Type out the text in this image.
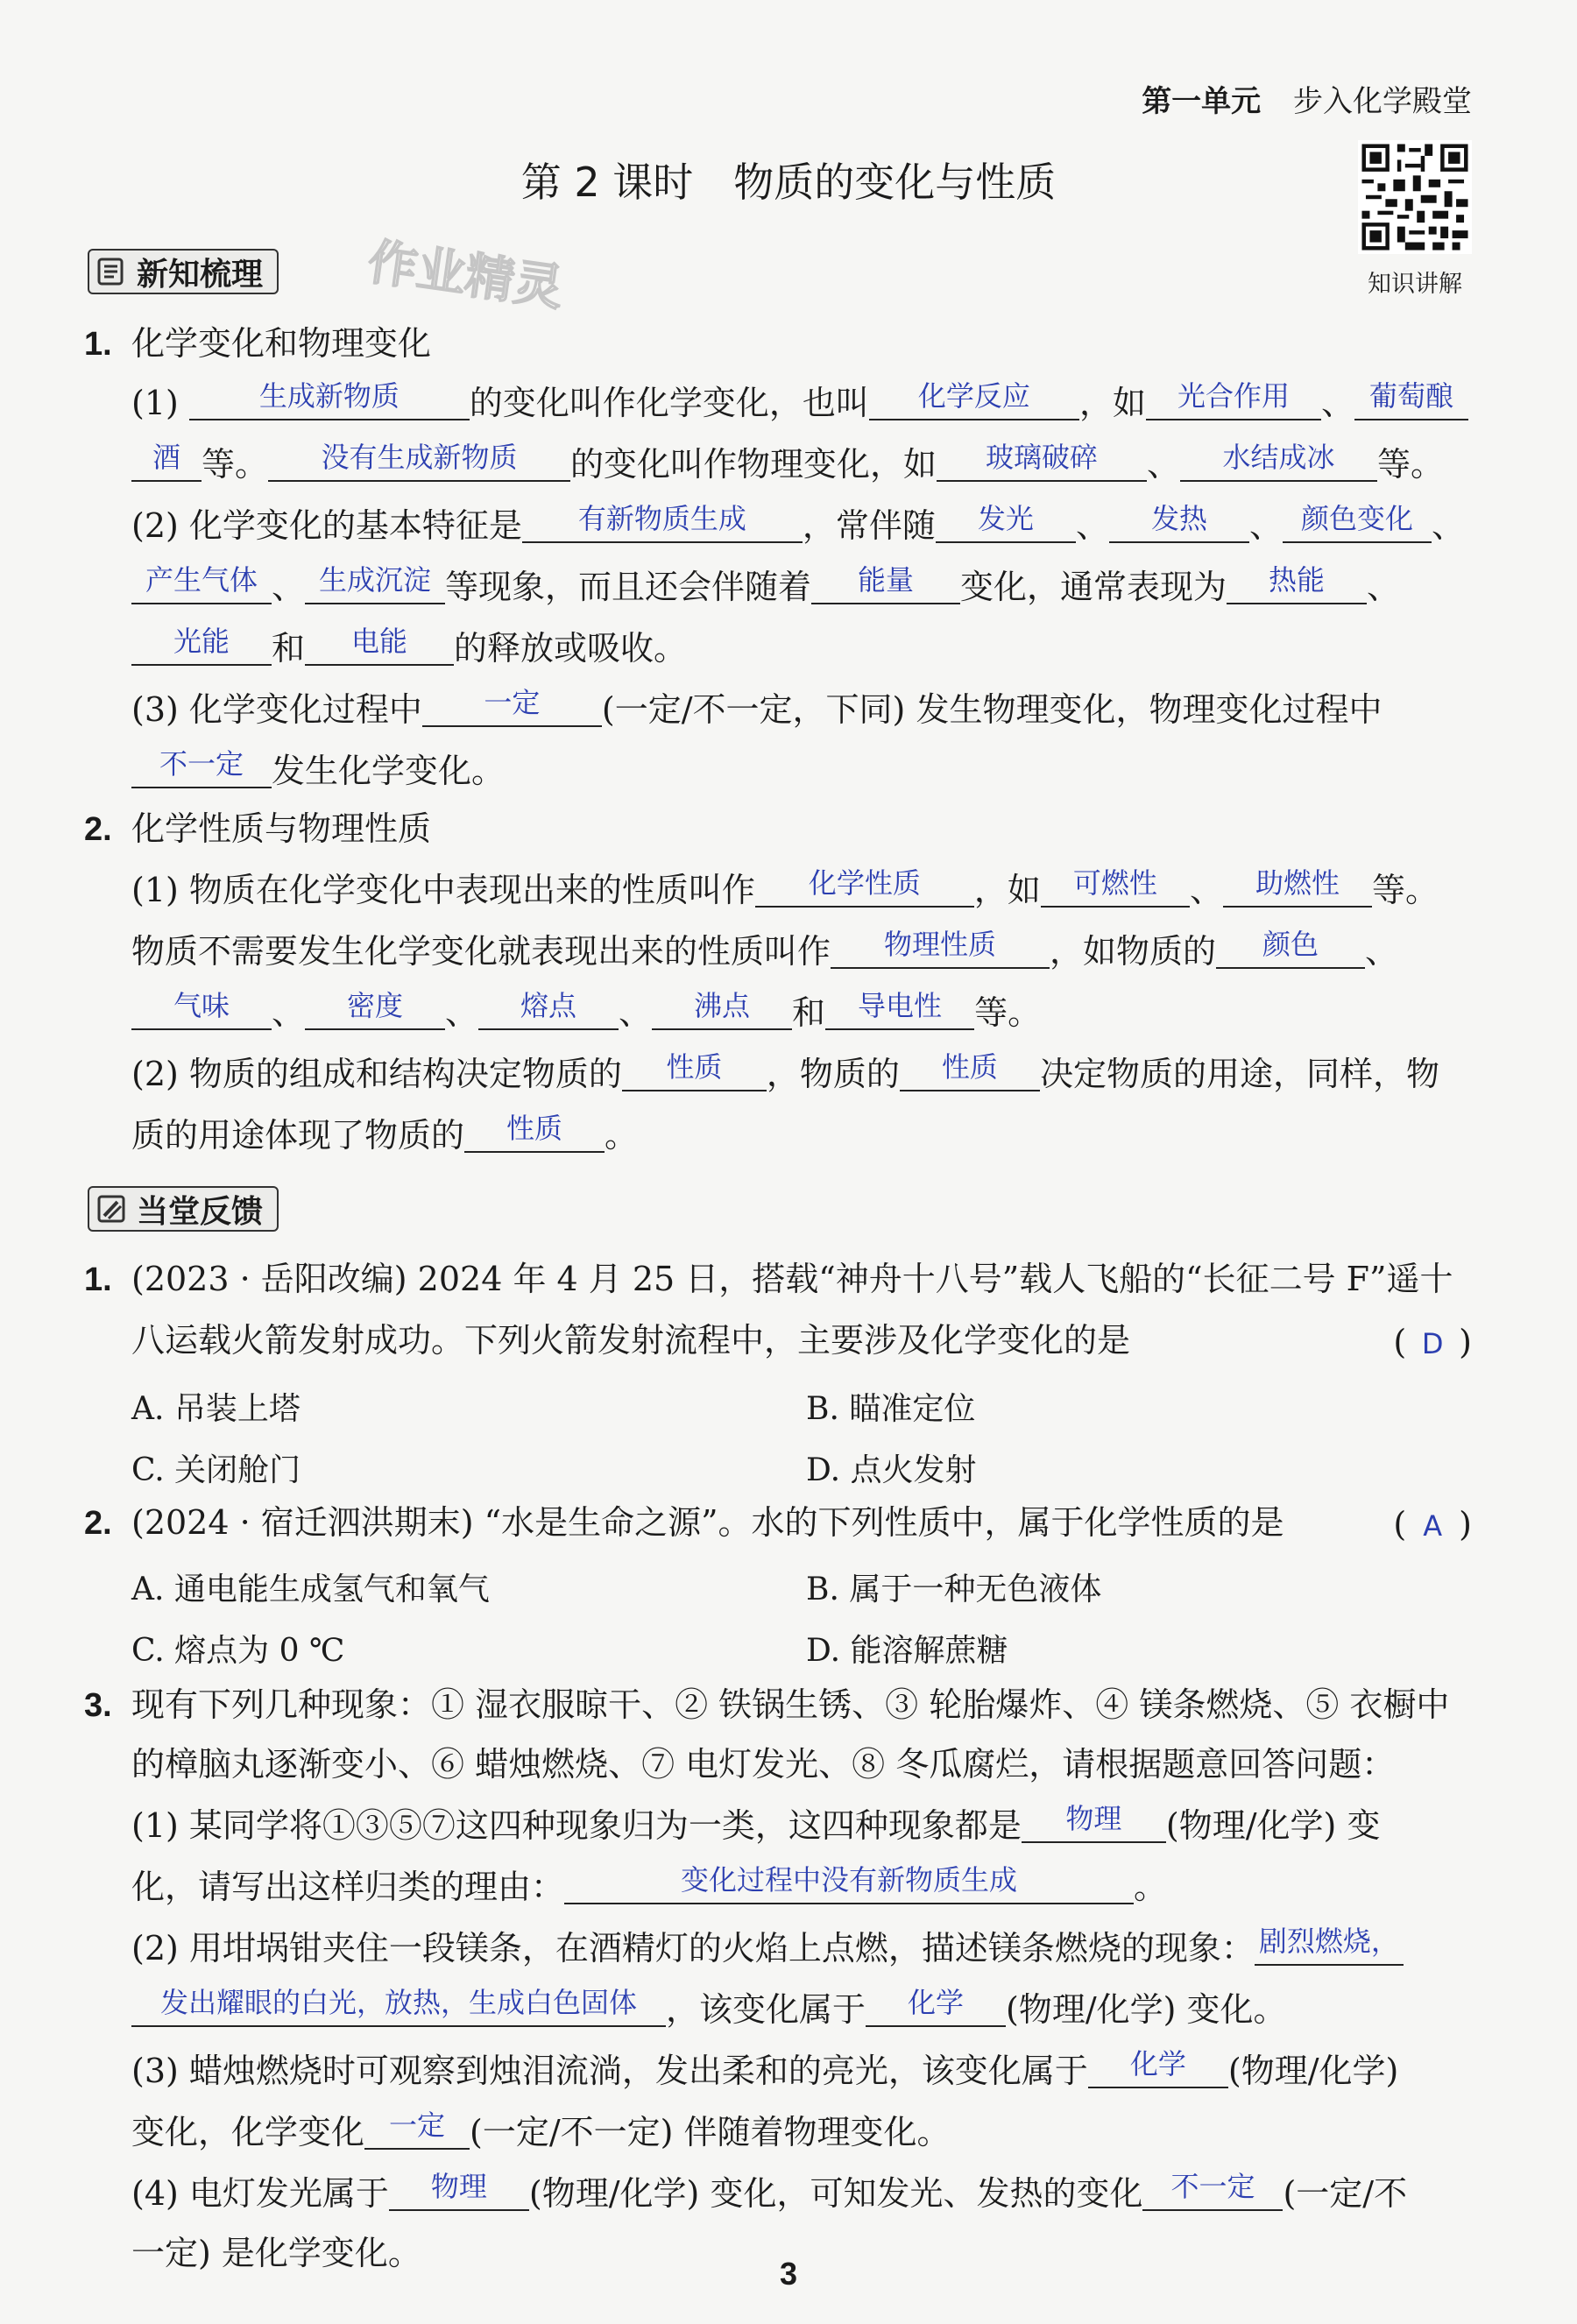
第一单元 步入化学殿堂
第 2 课时 物质的变化与性质
知识讲解
新知梳理 作业精灵
1. 化学变化和物理变化
(1)	生成新物质	的变化叫作化学变化，也叫	化学反应	，如	光合作用 、 葡萄酿
酒 等。	没有生成新物质	的变化叫作物理变化，如	玻璃破碎	、	水结成冰	等。
(2) 化学变化的基本特征是	有新物质生成	，常伴随	发光	、	发热	、 颜色变化 、
产生气体 、 生成沉淀 等现象，而且还会伴随着	能量	变化，通常表现为	热能	、
光能	和	电能	的释放或吸收。
(3) 化学变化过程中	一定	(一定/不一定，下同) 发生物理变化，物理变化过程中
不一定 发生化学变化。
2. 化学性质与物理性质
(1) 物质在化学变化中表现出来的性质叫作	化学性质	，如	可燃性 、	助燃性 等。
物质不需要发生化学变化就表现出来的性质叫作	物理性质	，如物质的	颜色	、
气味	、	密度	、	熔点	、	沸点	和	导电性 等。
(2) 物质的组成和结构决定物质的	性质	，物质的	性质	决定物质的用途，同样，物
质的用途体现了物质的	性质	。
当堂反馈
1. (2023 · 岳阳改编) 2024 年 4 月 25 日，搭载“神舟十八号”载人飞船的“长征二号 F”遥十
八运载火箭发射成功。下列火箭发射流程中，主要涉及化学变化的是	( D )
A. 吊装上塔	B. 瞄准定位
C. 关闭舱门	D. 点火发射
2. (2024 · 宿迁泗洪期末) “水是生命之源”。水的下列性质中，属于化学性质的是	( A )
A. 通电能生成氢气和氧气	B. 属于一种无色液体
C. 熔点为 0 ℃	D. 能溶解蔗糖
3. 现有下列几种现象：① 湿衣服晾干、② 铁锅生锈、③ 轮胎爆炸、④ 镁条燃烧、⑤ 衣橱中
的樟脑丸逐渐变小、⑥ 蜡烛燃烧、⑦ 电灯发光、⑧ 冬瓜腐烂，请根据题意回答问题：
(1) 某同学将①③⑤⑦这四种现象归为一类，这四种现象都是	物理	(物理/化学) 变
化，请写出这样归类的理由：	变化过程中没有新物质生成	。
(2) 用坩埚钳夹住一段镁条，在酒精灯的火焰上点燃，描述镁条燃烧的现象： 剧烈燃烧，
发出耀眼的白光，放热，生成白色固体 ，该变化属于	化学	(物理/化学) 变化。
(3) 蜡烛燃烧时可观察到烛泪流淌，发出柔和的亮光，该变化属于	化学	(物理/化学)
变化，化学变化 一定 (一定/不一定) 伴随着物理变化。
(4) 电灯发光属于	物理	(物理/化学) 变化，可知发光、发热的变化 不一定 (一定/不
一定) 是化学变化。
3
